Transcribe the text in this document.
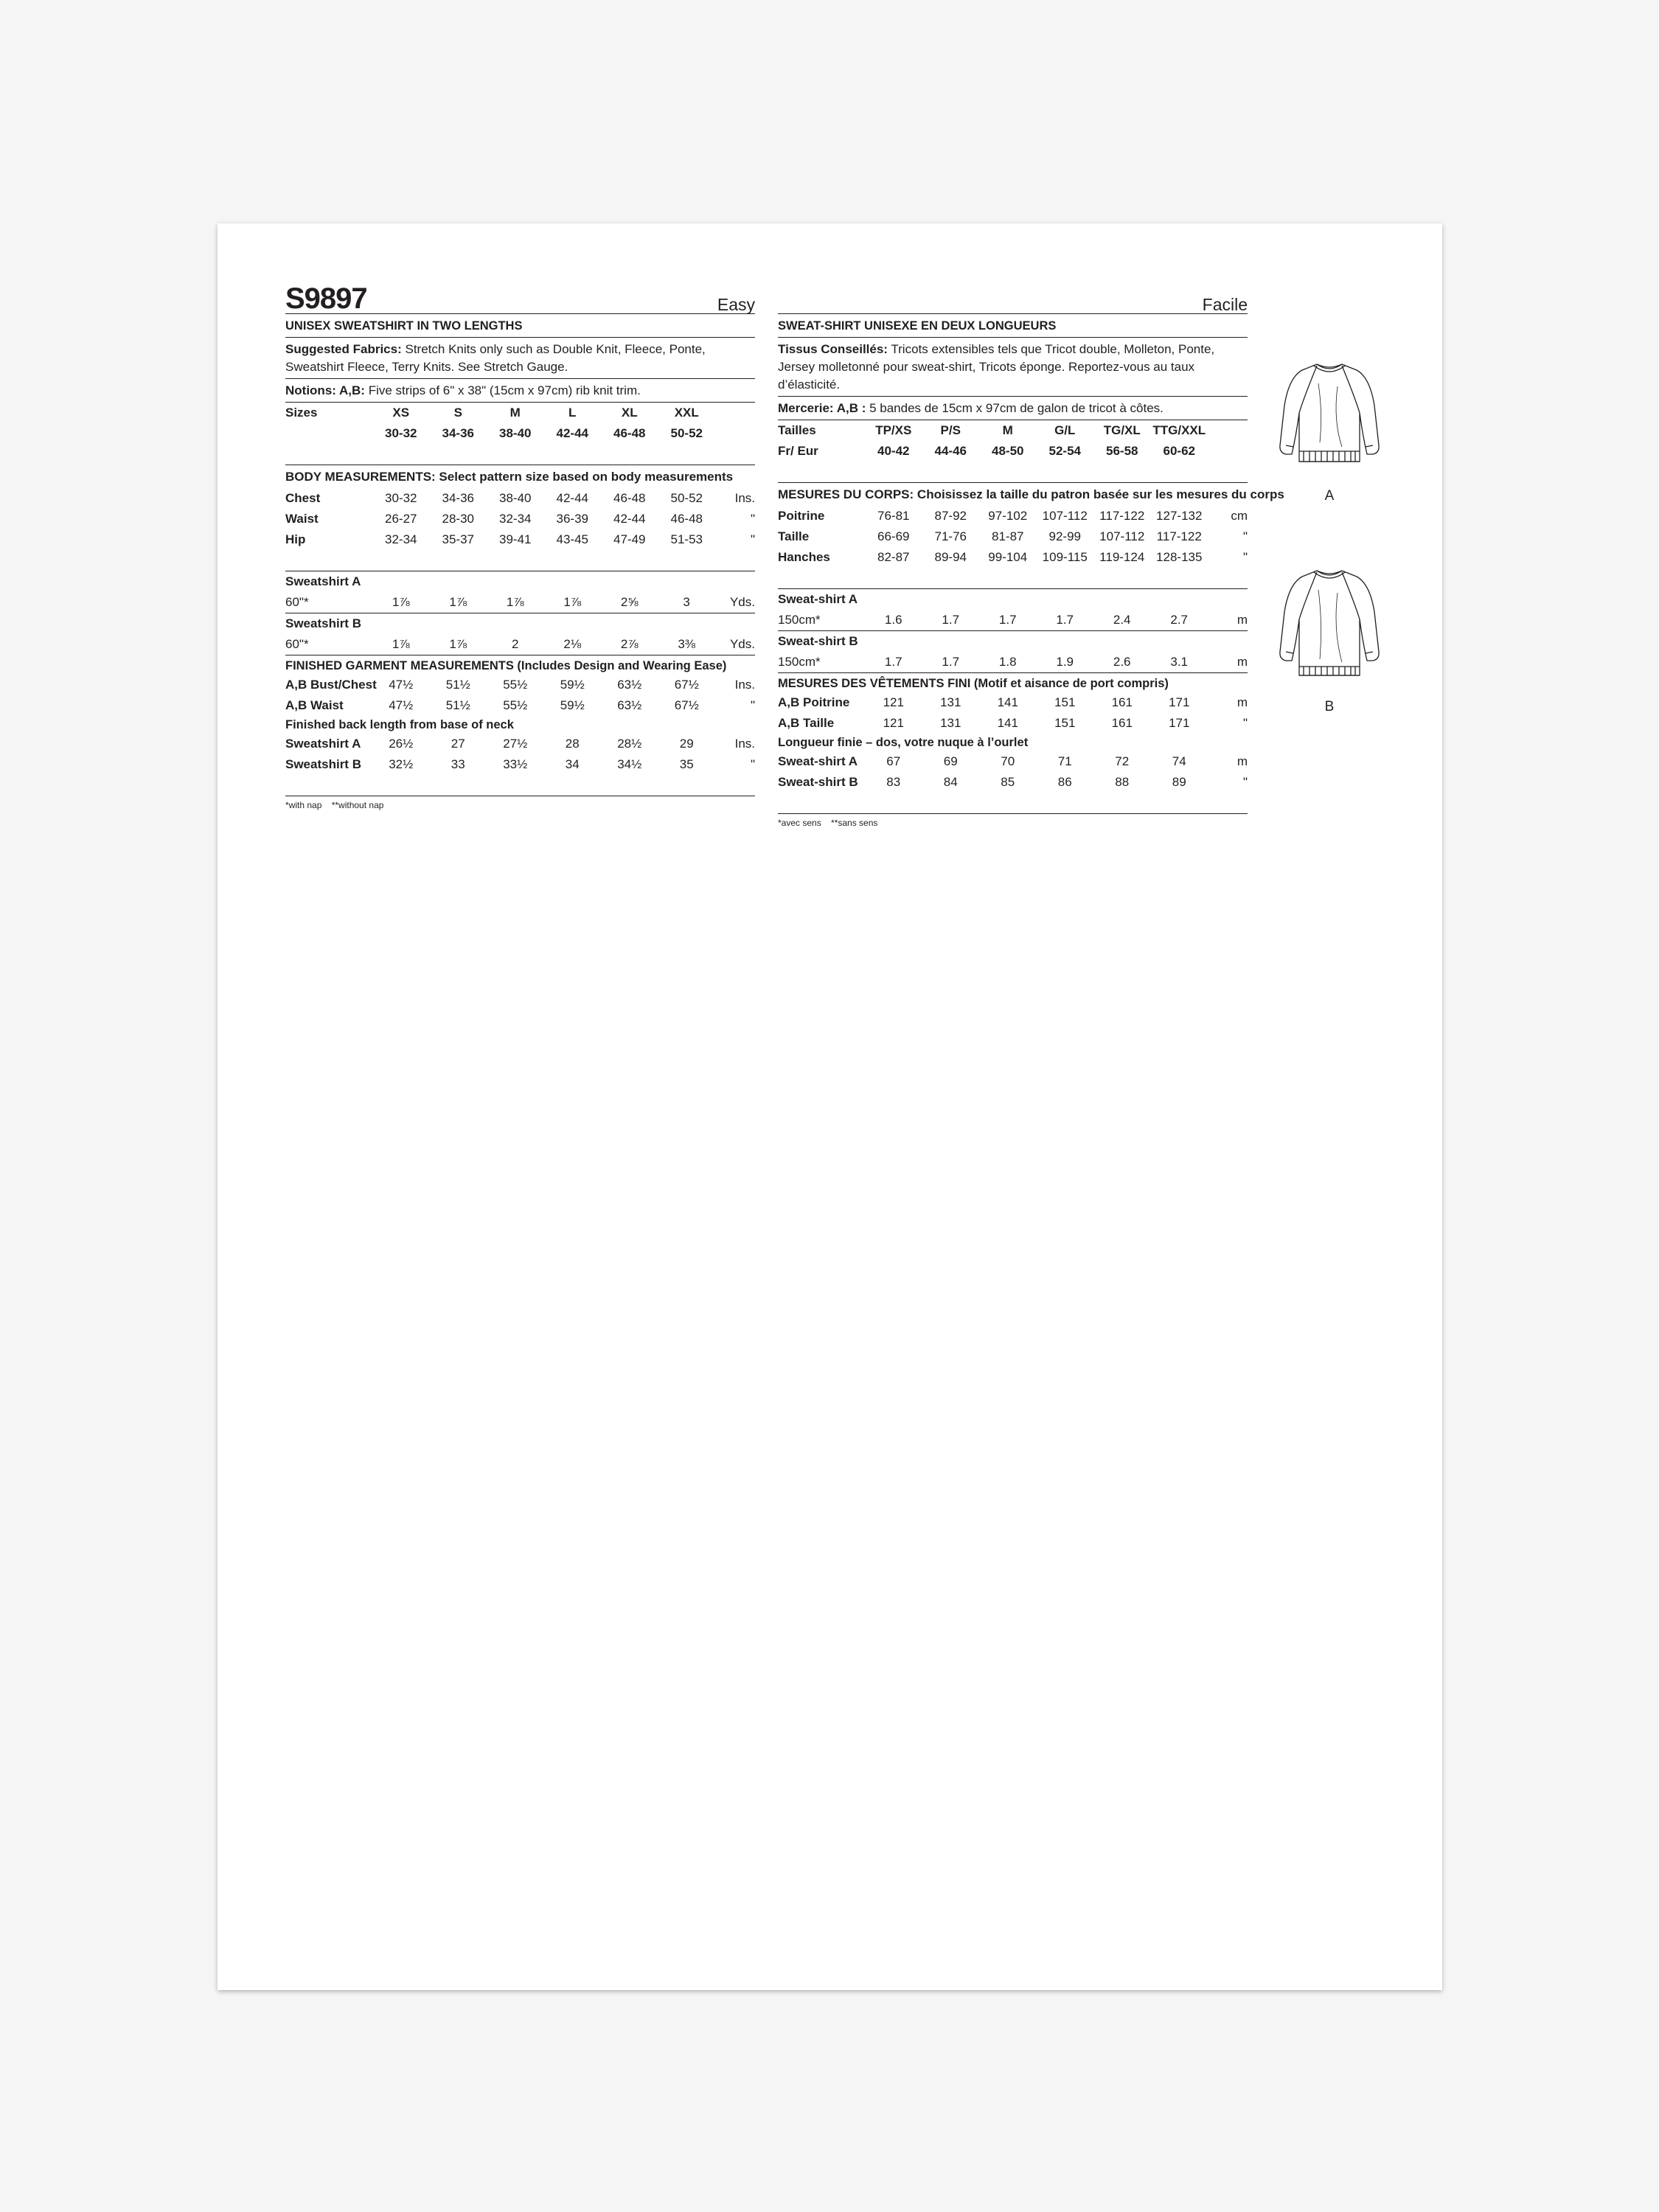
S9897	Easy
UNISEX SWEATSHIRT IN TWO LENGTHS
Suggested Fabrics: Stretch Knits only such as Double Knit, Fleece, Ponte, Sweatshirt Fleece, Terry Knits. See Stretch Gauge.
Notions: A,B: Five strips of 6" x 38" (15cm x 97cm) rib knit trim.
Sizes	XS	S	M	L	XL	XXL	
	30-32	34-36	38-40	42-44	46-48	50-52	
BODY MEASUREMENTS: Select pattern size based on body measurements
Chest	30-32	34-36	38-40	42-44	46-48	50-52	Ins.
Waist	26-27	28-30	32-34	36-39	42-44	46-48	"
Hip	32-34	35-37	39-41	43-45	47-49	51-53	"
Sweatshirt A							
60"*	1⅞	1⅞	1⅞	1⅞	2⅝	3	Yds.

Sweatshirt B							
60"*	1⅞	1⅞	2	2⅛	2⅞	3⅜	Yds.
FINISHED GARMENT MEASUREMENTS (Includes Design and Wearing Ease)
A,B Bust/Chest	47½	51½	55½	59½	63½	67½	Ins.
A,B Waist	47½	51½	55½	59½	63½	67½	"
Finished back length from base of neck
Sweatshirt A	26½	27	27½	28	28½	29	Ins.
Sweatshirt B	32½	33	33½	34	34½	35	"
*with nap    **without nap
Facile
SWEAT-SHIRT UNISEXE EN DEUX LONGUEURS
Tissus Conseillés: Tricots extensibles tels que Tricot double, Molleton, Ponte, Jersey molletonné pour sweat-shirt, Tricots éponge. Reportez-vous au taux d’élasticité.
Mercerie: A,B : 5 bandes de 15cm x 97cm de galon de tricot à côtes.
Tailles	TP/XS	P/S	M	G/L	TG/XL	TTG/XXL	
Fr/ Eur	40-42	44-46	48-50	52-54	56-58	60-62	
MESURES DU CORPS: Choisissez la taille du patron basée sur les mesures du corps
Poitrine	76-81	87-92	97-102	107-112	117-122	127-132	cm
Taille	66-69	71-76	81-87	92-99	107-112	117-122	"
Hanches	82-87	89-94	99-104	109-115	119-124	128-135	"
Sweat-shirt A							
150cm*	1.6	1.7	1.7	1.7	2.4	2.7	m

Sweat-shirt B							
150cm*	1.7	1.7	1.8	1.9	2.6	3.1	m
MESURES DES VÊTEMENTS FINI (Motif et aisance de port compris)
A,B Poitrine	121	131	141	151	161	171	m
A,B Taille	121	131	141	151	161	171	"
Longueur finie – dos, votre nuque à l’ourlet
Sweat-shirt A	67	69	70	71	72	74	m
Sweat-shirt B	83	84	85	86	88	89	"
*avec sens    **sans sens
A
B
